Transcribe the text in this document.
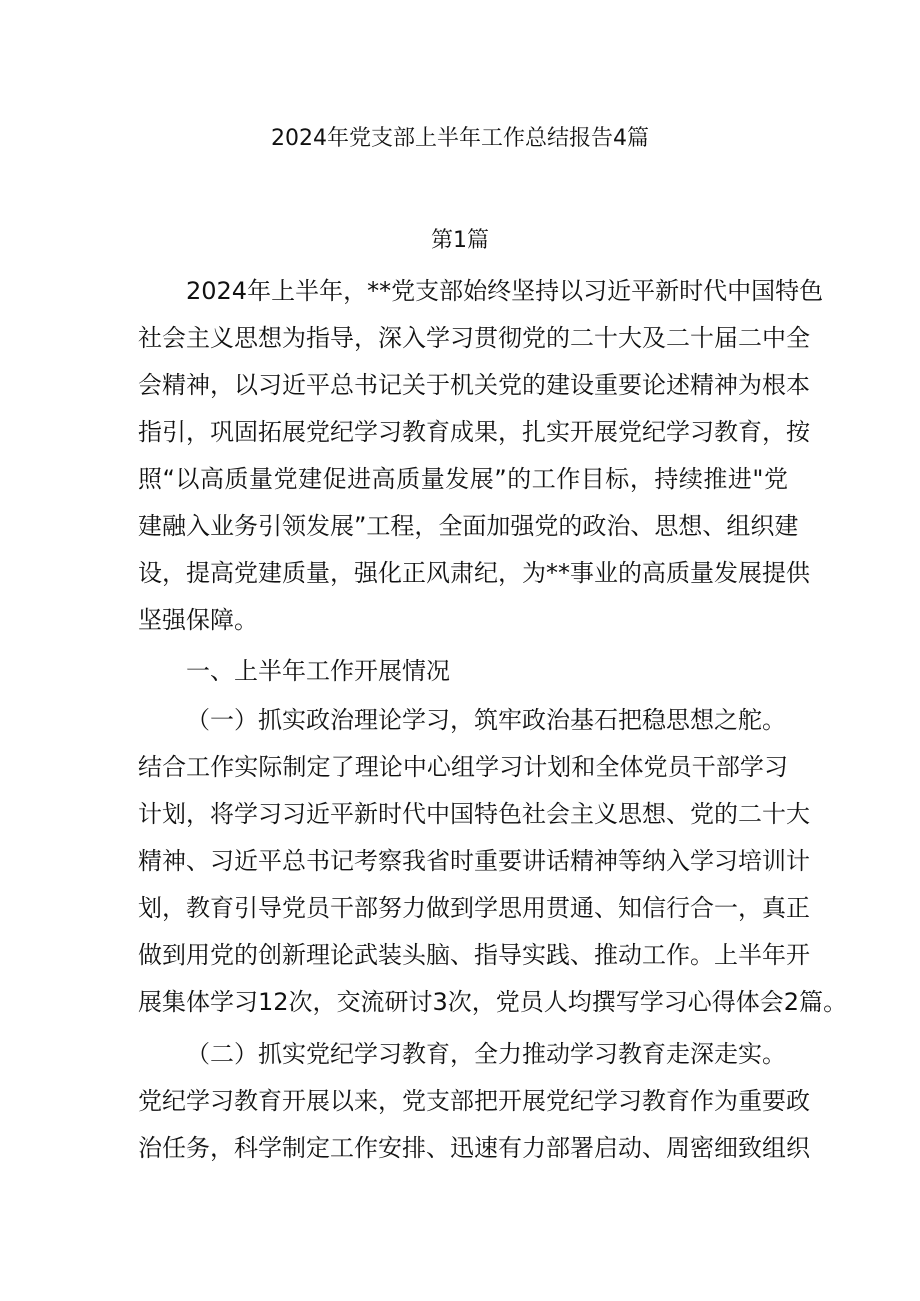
2024年党支部上半年工作总结报告4篇
第1篇
2024年上半年，**党支部始终坚持以习近平新时代中国特色
社会主义思想为指导，深入学习贯彻党的二十大及二十届二中全
会精神，以习近平总书记关于机关党的建设重要论述精神为根本
指引，巩固拓展党纪学习教育成果，扎实开展党纪学习教育，按
照“以高质量党建促进高质量发展”的工作目标，持续推进"党
建融入业务引领发展”工程，全面加强党的政治、思想、组织建
设，提高党建质量，强化正风肃纪，为**事业的高质量发展提供
坚强保障。
一、上半年工作开展情况
（一）抓实政治理论学习，筑牢政治基石把稳思想之舵。
结合工作实际制定了理论中心组学习计划和全体党员干部学习
计划，将学习习近平新时代中国特色社会主义思想、党的二十大
精神、习近平总书记考察我省时重要讲话精神等纳入学习培训计
划，教育引导党员干部努力做到学思用贯通、知信行合一，真正
做到用党的创新理论武装头脑、指导实践、推动工作。上半年开
展集体学习12次，交流研讨3次，党员人均撰写学习心得体会2篇。
（二）抓实党纪学习教育，全力推动学习教育走深走实。
党纪学习教育开展以来，党支部把开展党纪学习教育作为重要政
治任务，科学制定工作安排、迅速有力部署启动、周密细致组织
